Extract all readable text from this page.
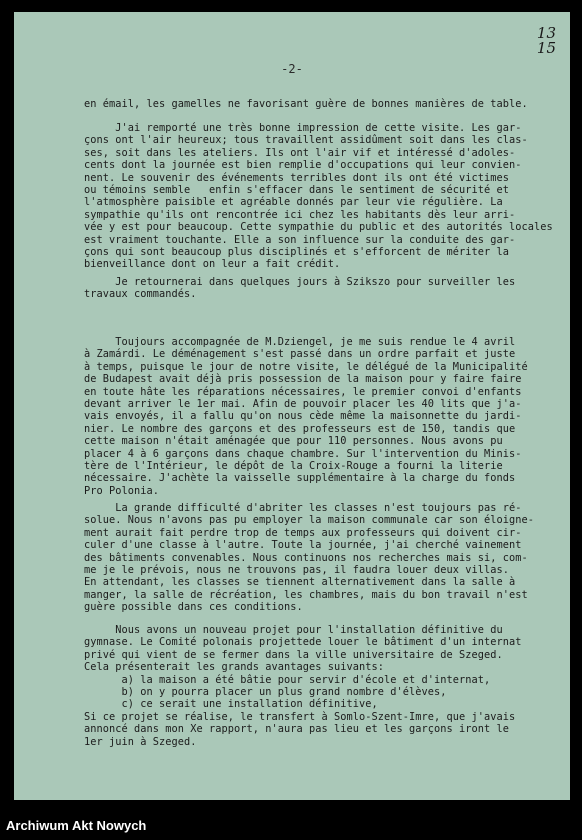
13
15
-2-
en émail, les gamelles ne favorisant guère de bonnes manières de table.
J'ai remporté une très bonne impression de cette visite. Les gar-
çons ont l'air heureux; tous travaillent assidûment soit dans les clas-
ses, soit dans les ateliers. Ils ont l'air vif et intéressé d'adoles-
cents dont la journée est bien remplie d'occupations qui leur convien-
nent. Le souvenir des événements terribles dont ils ont été victimes
ou témoins semble   enfin s'effacer dans le sentiment de sécurité et
l'atmosphère paisible et agréable donnés par leur vie régulière. La
sympathie qu'ils ont rencontrée ici chez les habitants dès leur arri-
vée y est pour beaucoup. Cette sympathie du public et des autorités locales
est vraiment touchante. Elle a son influence sur la conduite des gar-
çons qui sont beaucoup plus disciplinés et s'efforcent de mériter la
bienveillance dont on leur a fait crédit.
Je retournerai dans quelques jours à Szikszo pour surveiller les
travaux commandés.
Toujours accompagnée de M.Dziengel, je me suis rendue le 4 avril
à Zamárdi. Le déménagement s'est passé dans un ordre parfait et juste
à temps, puisque le jour de notre visite, le délégué de la Municipalité
de Budapest avait déjà pris possession de la maison pour y faire faire
en toute hâte les réparations nécessaires, le premier convoi d'enfants
devant arriver le 1er mai. Afin de pouvoir placer les 40 lits que j'a-
vais envoyés, il a fallu qu'on nous cède même la maisonnette du jardi-
nier. Le nombre des garçons et des professeurs est de 150, tandis que
cette maison n'était aménagée que pour 110 personnes. Nous avons pu
placer 4 à 6 garçons dans chaque chambre. Sur l'intervention du Minis-
tère de l'Intérieur, le dépôt de la Croix-Rouge a fourni la literie
nécessaire. J'achète la vaisselle supplémentaire à la charge du fonds
Pro Polonia.
La grande difficulté d'abriter les classes n'est toujours pas ré-
solue. Nous n'avons pas pu employer la maison communale car son éloigne-
ment aurait fait perdre trop de temps aux professeurs qui doivent cir-
culer d'une classe à l'autre. Toute la journée, j'ai cherché vainement
des bâtiments convenables. Nous continuons nos recherches mais si, com-
me je le prévois, nous ne trouvons pas, il faudra louer deux villas.
En attendant, les classes se tiennent alternativement dans la salle à
manger, la salle de récréation, les chambres, mais du bon travail n'est
guère possible dans ces conditions.
Nous avons un nouveau projet pour l'installation définitive du
gymnase. Le Comité polonais projettede louer le bâtiment d'un internat
privé qui vient de se fermer dans la ville universitaire de Szeged.
Cela présenterait les grands avantages suivants:
a) la maison a été bâtie pour servir d'école et d'internat,
b) on y pourra placer un plus grand nombre d'élèves,
c) ce serait une installation définitive,
Si ce projet se réalise, le transfert à Somlo-Szent-Imre, que j'avais
annoncé dans mon Xe rapport, n'aura pas lieu et les garçons iront le
1er juin à Szeged.
Archiwum Akt Nowych
